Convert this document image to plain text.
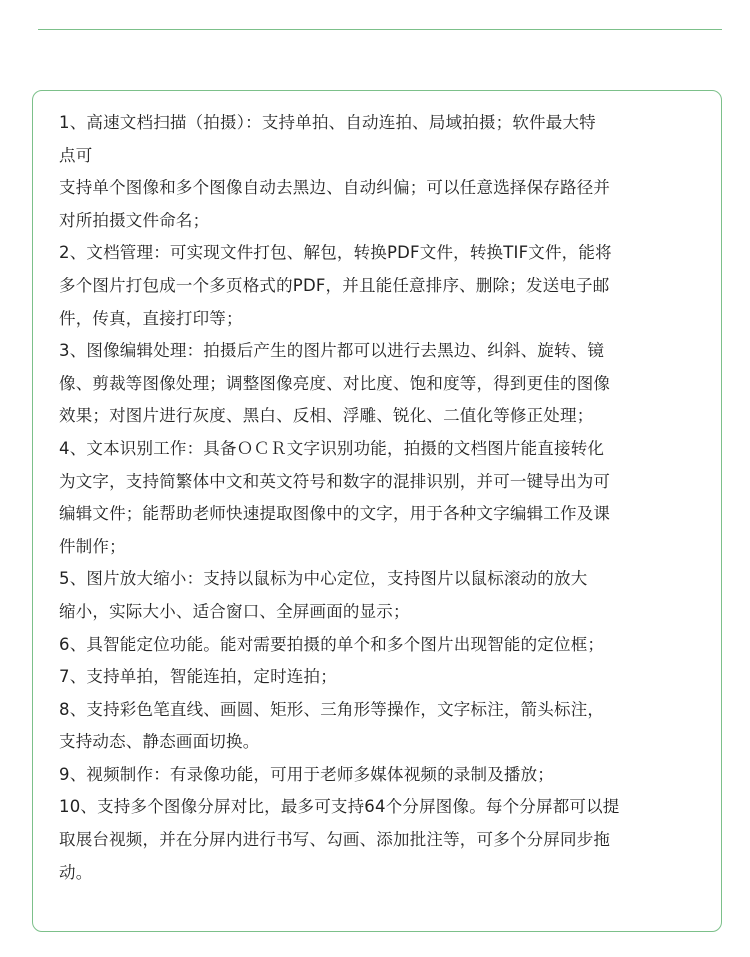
1、高速文档扫描（拍摄）：支持单拍、自动连拍、局域拍摄；软件最大特
点可
支持单个图像和多个图像自动去黑边、自动纠偏；可以任意选择保存路径并
对所拍摄文件命名；
2、文档管理：可实现文件打包、解包，转换PDF文件，转换TIF文件，能将
多个图片打包成一个多页格式的PDF，并且能任意排序、删除；发送电子邮
件，传真，直接打印等；
3、图像编辑处理：拍摄后产生的图片都可以进行去黑边、纠斜、旋转、镜
像、剪裁等图像处理；调整图像亮度、对比度、饱和度等，得到更佳的图像
效果；对图片进行灰度、黑白、反相、浮雕、锐化、二值化等修正处理；
4、文本识别工作：具备ＯＣＲ文字识别功能，拍摄的文档图片能直接转化
为文字，支持简繁体中文和英文符号和数字的混排识别，并可一键导出为可
编辑文件；能帮助老师快速提取图像中的文字，用于各种文字编辑工作及课
件制作；
5、图片放大缩小：支持以鼠标为中心定位，支持图片以鼠标滚动的放大
缩小，实际大小、适合窗口、全屏画面的显示；
6、具智能定位功能。能对需要拍摄的单个和多个图片出现智能的定位框；
7、支持单拍，智能连拍，定时连拍；
8、支持彩色笔直线、画圆、矩形、三角形等操作，文字标注，箭头标注，
支持动态、静态画面切换。
9、视频制作：有录像功能，可用于老师多媒体视频的录制及播放；
10、支持多个图像分屏对比，最多可支持64个分屏图像。每个分屏都可以提
取展台视频，并在分屏内进行书写、勾画、添加批注等，可多个分屏同步拖
动。
